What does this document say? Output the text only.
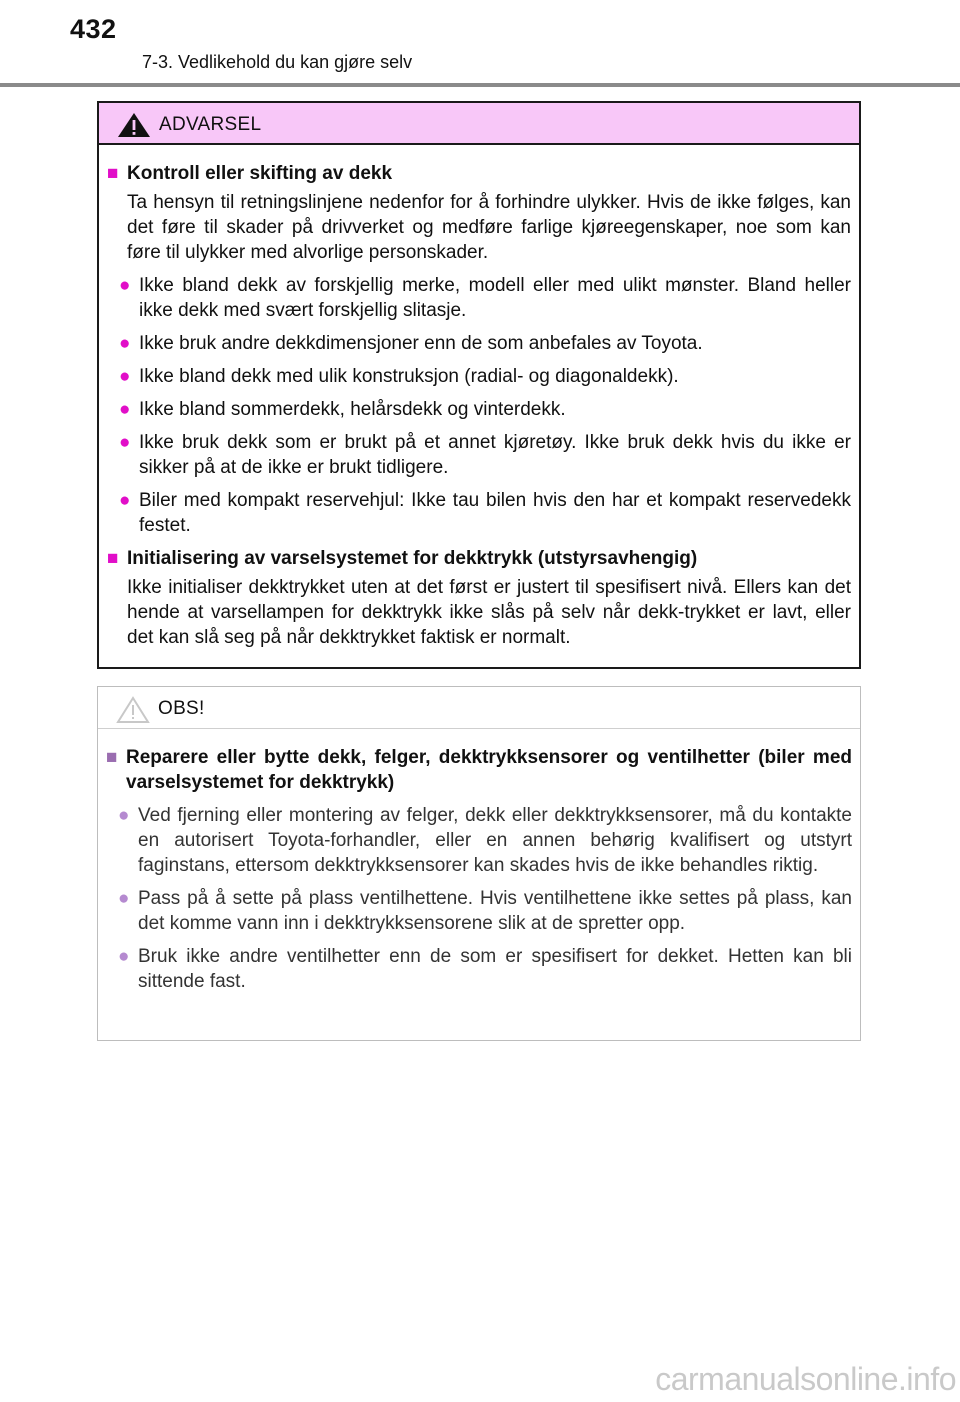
432
7-3. Vedlikehold du kan gjøre selv
ADVARSEL

■ Kontroll eller skifting av dekk

Ta hensyn til retningslinjene nedenfor for å forhindre ulykker. Hvis de ikke følges, kan det føre til skader på drivverket og medføre farlige kjøreegenskaper, noe som kan føre til ulykker med alvorlige personskader.

● Ikke bland dekk av forskjellig merke, modell eller med ulikt mønster. Bland heller ikke dekk med svært forskjellig slitasje.

● Ikke bruk andre dekkdimensjoner enn de som anbefales av Toyota.

● Ikke bland dekk med ulik konstruksjon (radial- og diagonaldekk).

● Ikke bland sommerdekk, helårsdekk og vinterdekk.

● Ikke bruk dekk som er brukt på et annet kjøretøy. Ikke bruk dekk hvis du ikke er sikker på at de ikke er brukt tidligere.

● Biler med kompakt reservehjul: Ikke tau bilen hvis den har et kompakt reservedekk festet.

■ Initialisering av varselsystemet for dekktrykk (utstyrsavhengig)

Ikke initialiser dekktrykket uten at det først er justert til spesifisert nivå. Ellers kan det hende at varsellampen for dekktrykk ikke slås på selv når dekk-trykket er lavt, eller det kan slå seg på når dekktrykket faktisk er normalt.

OBS!

■ Reparere eller bytte dekk, felger, dekktrykksensorer og ventilhetter (biler med varselsystemet for dekktrykk)

● Ved fjerning eller montering av felger, dekk eller dekktrykksensorer, må du kontakte en autorisert Toyota-forhandler, eller en annen behørig kvalifisert og utstyrt faginstans, ettersom dekktrykksensorer kan skades hvis de ikke behandles riktig.

● Pass på å sette på plass ventilhettene. Hvis ventilhettene ikke settes på plass, kan det komme vann inn i dekktrykksensorene slik at de spretter opp.

● Bruk ikke andre ventilhetter enn de som er spesifisert for dekket. Hetten kan bli sittende fast.

carmanualsonline.info
